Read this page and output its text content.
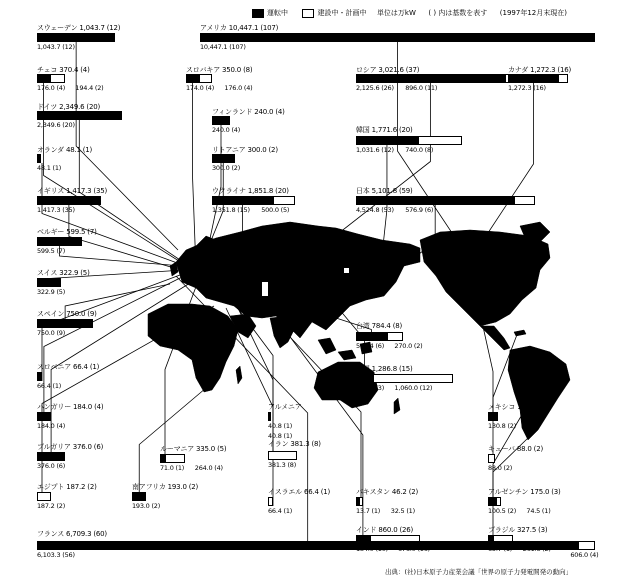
運転中	建設中・計画中 単位は万kW ( ) 内は基数を表す (1997年12月末現在)
スウェーデン 1,043.7 (12)
1,043.7 (12)
アメリカ 10,447.1 (107)
10,447.1 (107)
チェコ 370.4 (4)
176.0 (4) 194.4 (2)
スロバキア 350.0 (8)
174.0 (4) 176.0 (4)
ロシア 3,021.6 (37)
2,125.6 (26) 896.0 (11)
カナダ 1,272.3 (16)
1,272.3 (16)
ドイツ 2,349.6 (20)
2,349.6 (20)
フィンランド 240.0 (4)
240.0 (4)	韓国 1,771.6 (20)
1,031.6 (12) 740.0 (8)
オランダ 48.1 (1)
48.1 (1)
リトアニア 300.0 (2)
300.0 (2)
イギリス 1,417.3 (35)
1,417.3 (35)
ウクライナ 1,851.8 (20)
1,351.8 (15) 500.0 (5)
日本 5,101.8 (59)
4,524.8 (53) 576.9 (6)
ベルギー 599.5 (7)
599.5 (7)
スイス 322.9 (5)
322.9 (5)
スペイン 750.0 (9)
750.0 (9)
台湾 784.4 (8)
514.4 (6) 270.0 (2)
スロベニア 66.4 (1)
66.4 (1)
中国 1,286.8 (15)
226.8 (3) 1,060.0 (12)
アルメニア
40.8 (1)
40.8 (1)
ハンガリー 184.0 (4)
184.0 (4)
メキシコ 130.8 (2)
130.8 (2)
イラン 381.3 (8)
381.3 (8)
ブルガリア 376.0 (6)
376.0 (6)
ルーマニア 335.0 (5)
71.0 (1) 264.0 (4)
キューバ 88.0 (2)
88.0 (2)
エジプト 187.2 (2)
187.2 (2)
南アフリカ 193.0 (2)
193.0 (2)
イスラエル 66.4 (1)
66.4 (1)
パキスタン 46.2 (2)
13.7 (1) 32.5 (1)
アルゼンチン 175.0 (3)
100.5 (2) 74.5 (1)
インド 860.0 (26)	ブラジル 327.5 (3)
フランス 6,709.3 (60)
6,103.3 (56)	606.0 (4)
出典：(社)日本原子力産業会議「世界の原子力発電開発の動向」
